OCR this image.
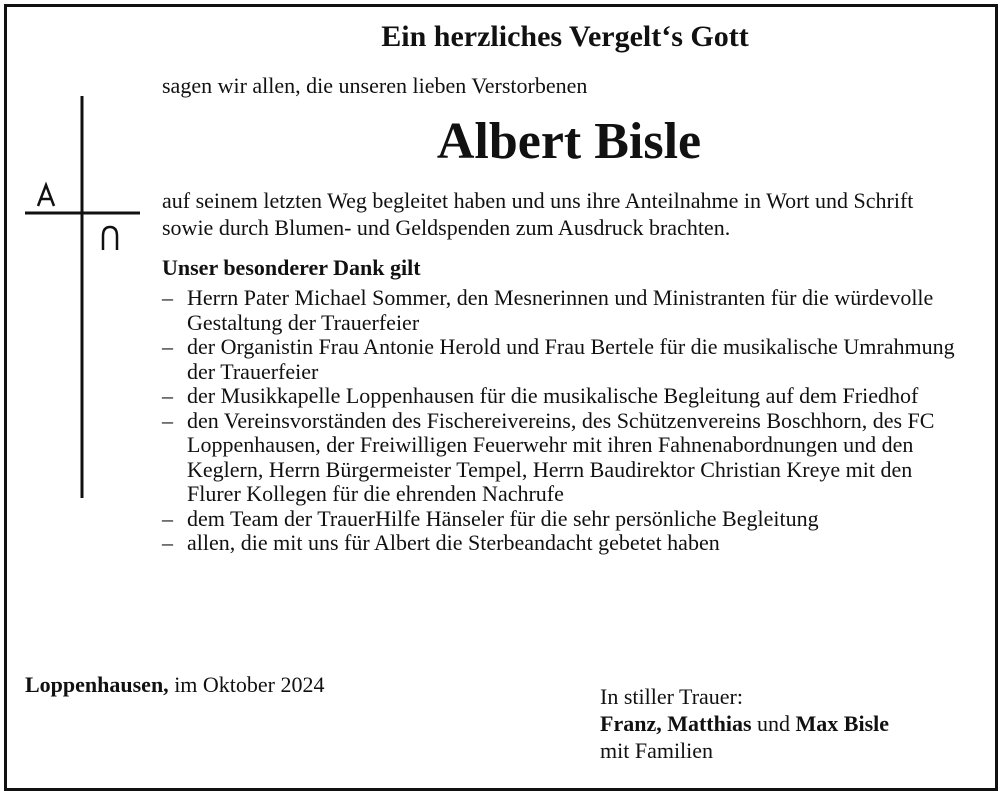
Ein herzliches Vergelt‘s Gott
sagen wir allen, die unseren lieben Verstorbenen
Albert Bisle
auf seinem letzten Weg begleitet haben und uns ihre Anteilnahme in Wort und Schrift sowie durch Blumen- und Geldspenden zum Ausdruck brachten.
Unser besonderer Dank gilt
– Herrn Pater Michael Sommer, den Mesnerinnen und Ministranten für die würdevolle Gestaltung der Trauerfeier
– der Organistin Frau Antonie Herold und Frau Bertele für die musikalische Umrahmung der Trauerfeier
– der Musikkapelle Loppenhausen für die musikalische Begleitung auf dem Friedhof
– den Vereinsvorständen des Fischereivereins, des Schützenvereins Boschhorn, des FC Loppenhausen, der Freiwilligen Feuerwehr mit ihren Fahnenabordnungen und den Keglern, Herrn Bürgermeister Tempel, Herrn Baudirektor Christian Kreye mit den Flurer Kollegen für die ehrenden Nachrufe
– dem Team der TrauerHilfe Hänseler für die sehr persönliche Begleitung
– allen, die mit uns für Albert die Sterbeandacht gebetet haben
Loppenhausen, im Oktober 2024	In stiller Trauer:
Franz, Matthias und Max Bisle
mit Familien
